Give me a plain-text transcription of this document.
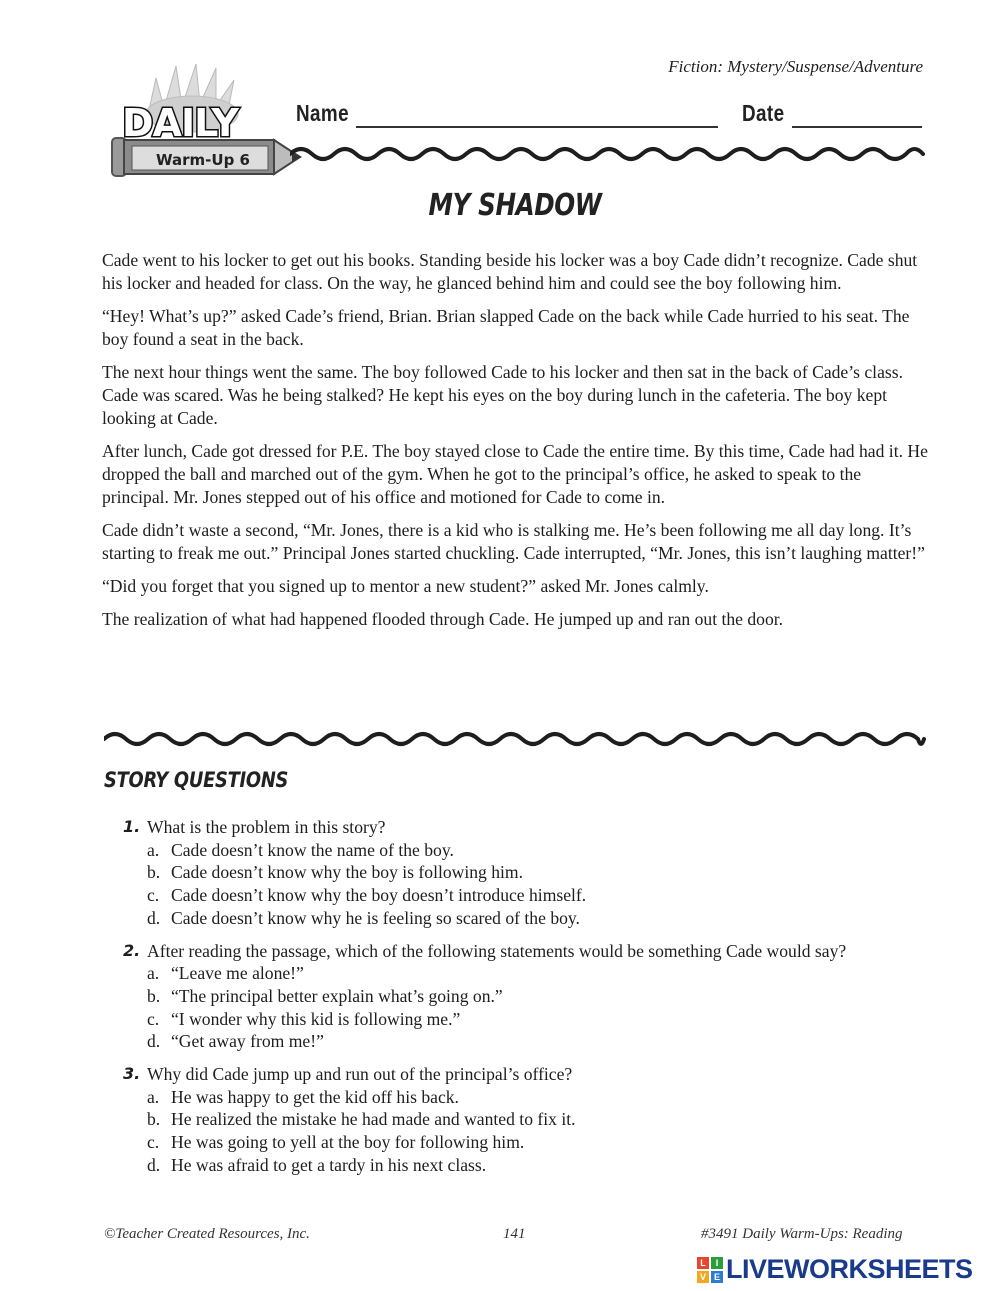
Fiction: Mystery/Suspense/Adventure
DAILY
Warm-Up 6
Name	Date
MY SHADOW

Cade went to his locker to get out his books. Standing beside his locker was a boy Cade didn’t recognize. Cade shut his locker and headed for class. On the way, he glanced behind him and could see the boy following him.

“Hey! What’s up?” asked Cade’s friend, Brian. Brian slapped Cade on the back while Cade hurried to his seat. The boy found a seat in the back.

The next hour things went the same. The boy followed Cade to his locker and then sat in the back of Cade’s class. Cade was scared. Was he being stalked? He kept his eyes on the boy during lunch in the cafeteria. The boy kept looking at Cade.

After lunch, Cade got dressed for P.E. The boy stayed close to Cade the entire time. By this time, Cade had had it. He dropped the ball and marched out of the gym. When he got to the principal’s office, he asked to speak to the principal. Mr. Jones stepped out of his office and motioned for Cade to come in.

Cade didn’t waste a second, “Mr. Jones, there is a kid who is stalking me. He’s been following me all day long. It’s starting to freak me out.” Principal Jones started chuckling. Cade interrupted, “Mr. Jones, this isn’t laughing matter!”

“Did you forget that you signed up to mentor a new student?” asked Mr. Jones calmly.

The realization of what had happened flooded through Cade. He jumped up and ran out the door.

STORY QUESTIONS
1. What is the problem in this story?
a. Cade doesn’t know the name of the boy.
b. Cade doesn’t know why the boy is following him.
c. Cade doesn’t know why the boy doesn’t introduce himself.
d. Cade doesn’t know why he is feeling so scared of the boy.
2. After reading the passage, which of the following statements would be something Cade would say?
a. “Leave me alone!”
b. “The principal better explain what’s going on.”
c. “I wonder why this kid is following me.”
d. “Get away from me!”
3. Why did Cade jump up and run out of the principal’s office?
a. He was happy to get the kid off his back.
b. He realized the mistake he had made and wanted to fix it.
c. He was going to yell at the boy for following him.
d. He was afraid to get a tardy in his next class.
©Teacher Created Resources, Inc.	141	#3491 Daily Warm-Ups: Reading
L	I
V E LIVEWORKSHEETS
